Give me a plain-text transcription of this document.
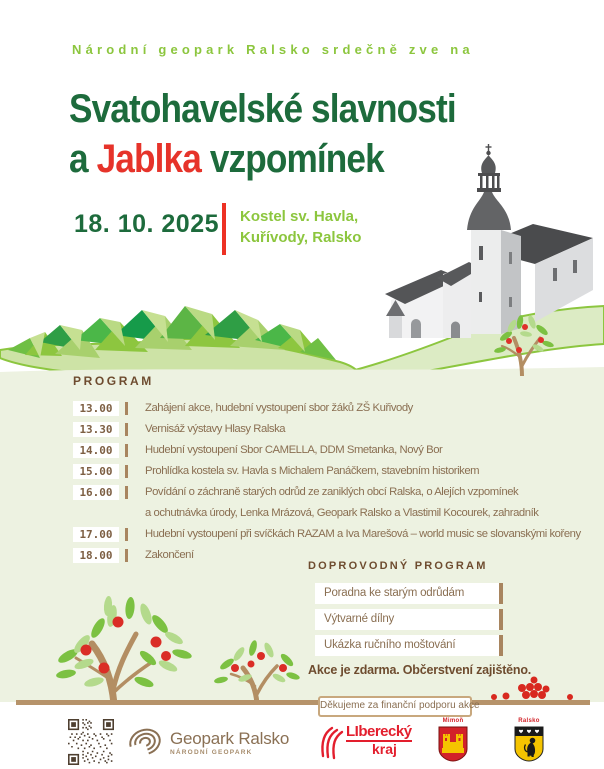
Národní geopark Ralsko srdečně zve na
Svatohavelské slavnosti
a Jablka vzpomínek
18. 10. 2025 Kostel sv. Havla,
Kuřívody, Ralsko
PROGRAM
13.00	Zahájení akce, hudební vystoupení sbor žáků ZŠ Kuřivody
13.30	Vernisáž výstavy Hlasy Ralska
14.00	Hudební vystoupení Sbor CAMELLA, DDM Smetanka, Nový Bor
15.00	Prohlídka kostela sv. Havla s Michalem Panáčkem, stavebním historikem
16.00	Povídání o záchraně starých odrůd ze zaniklých obcí Ralska, o Alejích vzpomínek
a ochutnávka úrody, Lenka Mrázová, Geopark Ralsko a Vlastimil Kocourek, zahradník
17.00	Hudební vystoupení při svíčkách RAZAM a Iva Marešová – world music se slovanskými kořeny
18.00	Zakončení
DOPROVODNÝ PROGRAM
Poradna ke starým odrůdám
Výtvarné dílny
Ukázka ručního moštování
Akce je zdarma. Občerstvení zajištěno.
Děkujeme za finanční podporu akce
Geopark Ralsko
NÁRODNÍ GEOPARK
LIberecký
kraj
Mimoň	Ralsko
